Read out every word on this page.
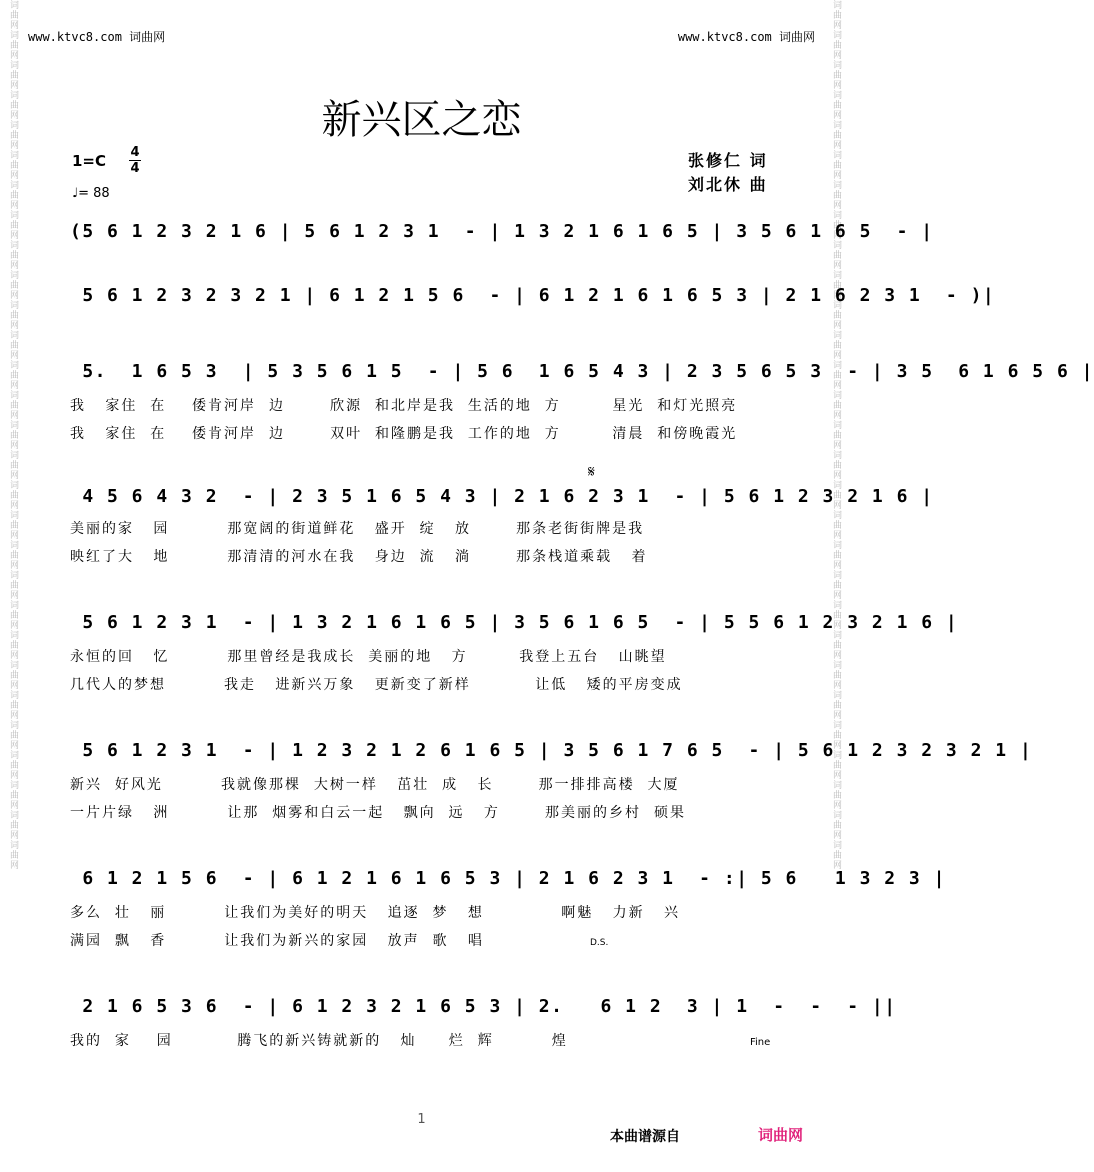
词曲网词曲网词曲网词曲网词曲网词曲网词曲网词曲网词曲网词曲网词曲网词曲网词曲网词曲网词曲网词曲网词曲网词曲网词曲网词曲网词曲网词曲网词曲网词曲网词曲网词曲网词曲网词曲网词曲网	词曲网词曲网词曲网词曲网词曲网词曲网词曲网词曲网词曲网词曲网词曲网词曲网词曲网词曲网词曲网词曲网词曲网词曲网词曲网词曲网词曲网词曲网词曲网词曲网词曲网词曲网词曲网词曲网词曲网
www.ktvc8.com 词曲网	www.ktvc8.com 词曲网
新兴区之恋
1=C 4
4
♩= 88
张修仁 词
刘北休 曲
𝄋
(5 6 1 2 3 2 1 6 | 5 6 1 2 3 1  - | 1 3 2 1 6 1 6 5 | 3 5 6 1 6 5  - |
5 6 1 2 3 2 3 2 1 | 6 1 2 1 5 6  - | 6 1 2 1 6 1 6 5 3 | 2 1 6 2 3 1  - )|
5.  1 6 5 3  | 5 3 5 6 1 5  - | 5 6  1 6 5 4 3 | 2 3 5 6 5 3  - | 3 5  6 1 6 5 6 |
我   家住  在    倭肯河岸  边       欣源  和北岸是我  生活的地  方        星光  和灯光照亮
我   家住  在    倭肯河岸  边       双叶  和隆鹏是我  工作的地  方        清晨  和傍晚霞光
4 5 6 4 3 2  - | 2 3 5 1 6 5 4 3 | 2 1 6 2 3 1  - | 5 6 1 2 3 2 1 6 |
美丽的家   园         那宽阔的街道鲜花   盛开  绽   放       那条老街街牌是我
映红了大   地         那清清的河水在我   身边  流   淌       那条栈道乘载   着
5 6 1 2 3 1  - | 1 3 2 1 6 1 6 5 | 3 5 6 1 6 5  - | 5 5 6 1 2 3 2 1 6 |
永恒的回   忆         那里曾经是我成长  美丽的地   方        我登上五台   山眺望
几代人的梦想         我走   进新兴万象   更新变了新样          让低   矮的平房变成
5 6 1 2 3 1  - | 1 2 3 2 1 2 6 1 6 5 | 3 5 6 1 7 6 5  - | 5 6 1 2 3 2 3 2 1 |
新兴  好风光         我就像那棵  大树一样   茁壮  成   长       那一排排高楼  大厦
一片片绿   洲         让那  烟雾和白云一起   飘向  远   方       那美丽的乡村  硕果
6 1 2 1 5 6  - | 6 1 2 1 6 1 6 5 3 | 2 1 6 2 3 1  - :| 5 6   1 3 2 3 |
多么  壮   丽         让我们为美好的明天   追逐  梦   想            啊魅   力新   兴
满园  飘   香         让我们为新兴的家园   放声  歌   唱	D.S.
2 1 6 5 3 6  - | 6 1 2 3 2 1 6 5 3 | 2.   6 1 2  3 | 1  -  -  - ||
我的  家    园          腾飞的新兴铸就新的   灿     烂  辉         煌	Fine
1
本曲谱源自	词曲网
